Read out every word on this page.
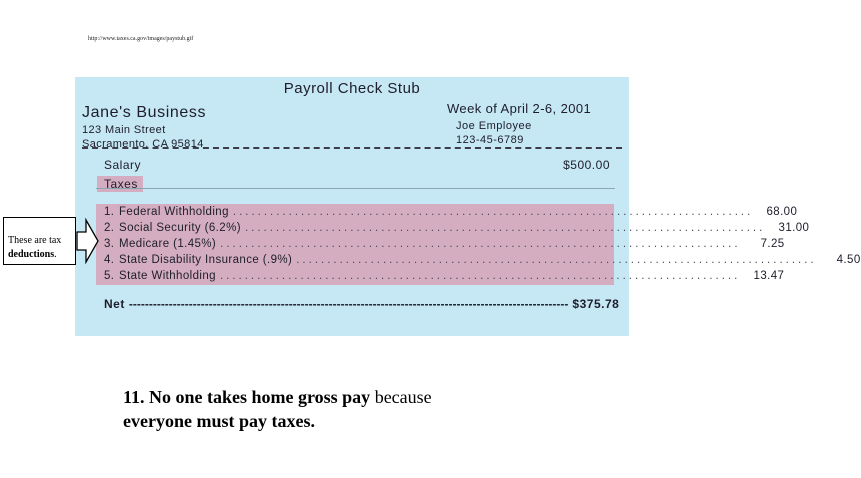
http://www.taxes.ca.gov/images/paystub.gif
Payroll Check Stub
Jane's Business
123 Main Street
Sacramento, CA 95814
Week of April 2-6, 2001
Joe Employee
123-45-6789
Salary	$500.00
Taxes
1. Federal Withholding ....................................................................................	68.00
2. Social Security (6.2%) ....................................................................................	31.00
3. Medicare (1.45%) ....................................................................................	7.25
4. State Disability Insurance (.9%) ....................................................................................	4.50
5. State Withholding ....................................................................................	13.47
Net -------------------------------------------------------------------------------------------------------------- $375.78
These are tax
deductions.
11. No one takes home gross pay because
everyone must pay taxes.
